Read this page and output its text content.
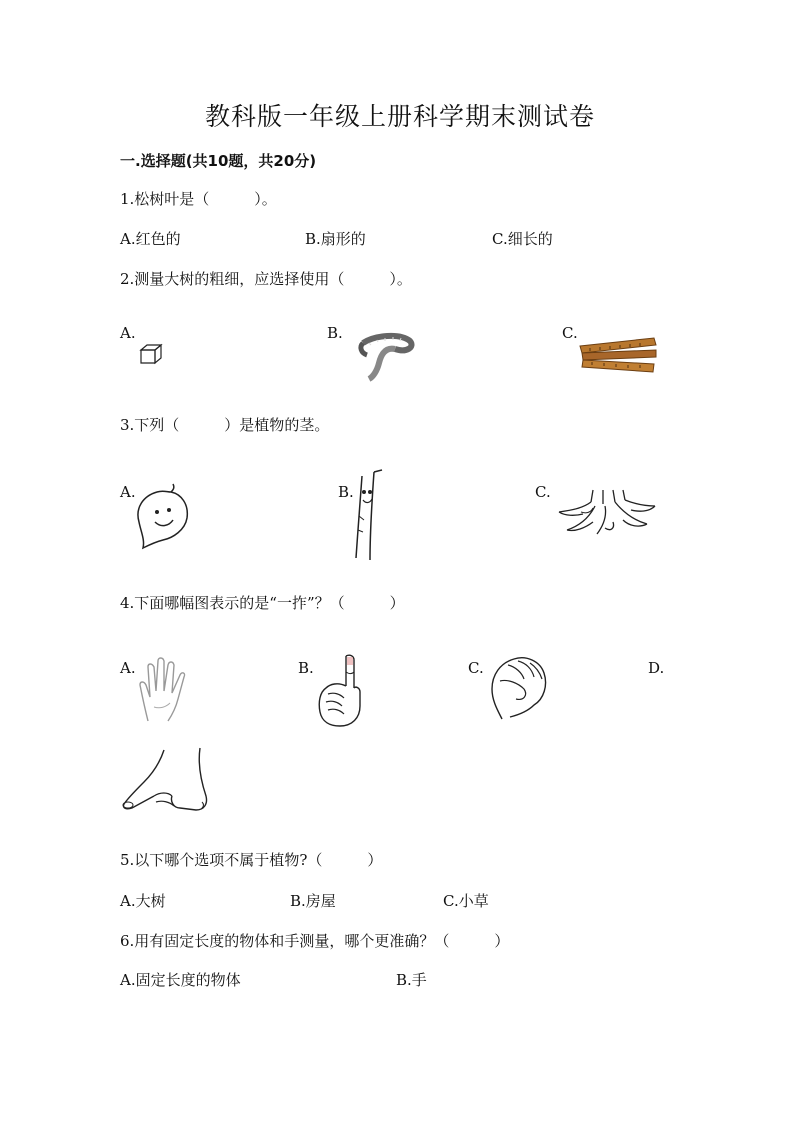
教科版一年级上册科学期末测试卷
一.选择题(共10题，共20分)
1.松树叶是（　　　）。
A.红色的	B.扇形的	C.细长的
2.测量大树的粗细，应选择使用（　　　）。
A.	B.	C.
3.下列（　　　）是植物的茎。
A.	B.	C.
4.下面哪幅图表示的是“一拃”？（　　　）
A.	B.	C.	D.
5.以下哪个选项不属于植物?（　　　）
A.大树	B.房屋	C.小草
6.用有固定长度的物体和手测量，哪个更准确？（　　　）
A.固定长度的物体	B.手
